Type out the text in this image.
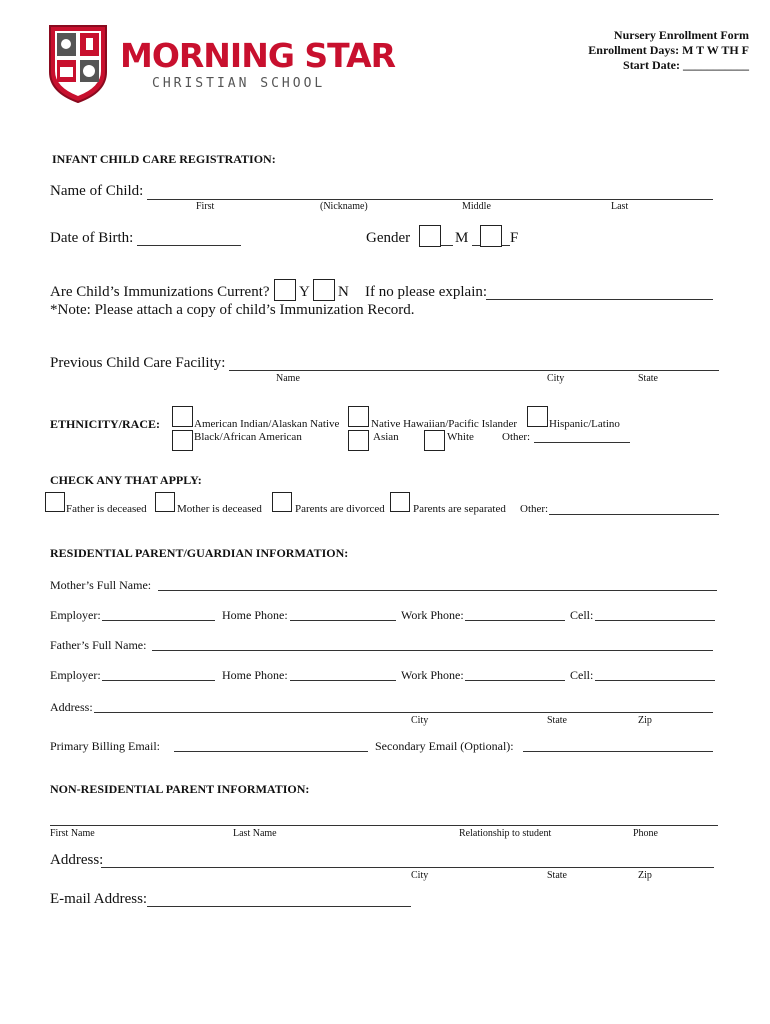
MORNING STAR
CHRISTIAN SCHOOL
Nursery Enrollment Form
Enrollment Days: M T W TH F
Start Date: ___________
INFANT CHILD CARE REGISTRATION:
Name of Child:
First	(Nickname)	Middle	Last
Date of Birth:	Gender	M	F
Are Child’s Immunizations Current? Y N If no please explain:
*Note: Please attach a copy of child’s Immunization Record.
Previous Child Care Facility:
Name	City	State
ETHNICITY/RACE:	American Indian/Alaskan Native
Black/African American
Native Hawaiian/Pacific Islander
Asian	White
Hispanic/Latino
Other:
CHECK ANY THAT APPLY:
Father is deceased	Mother is deceased	Parents are divorced	Parents are separated Other:
RESIDENTIAL PARENT/GUARDIAN INFORMATION:
Mother’s Full Name:
Employer:	Home Phone:	Work Phone:	Cell:
Father’s Full Name:
Employer:	Home Phone:	Work Phone:	Cell:
Address:
City	State	Zip
Primary Billing Email:	Secondary Email (Optional):
NON-RESIDENTIAL PARENT INFORMATION:
First Name	Last Name	Relationship to student	Phone
Address:
City	State	Zip
E-mail Address:
